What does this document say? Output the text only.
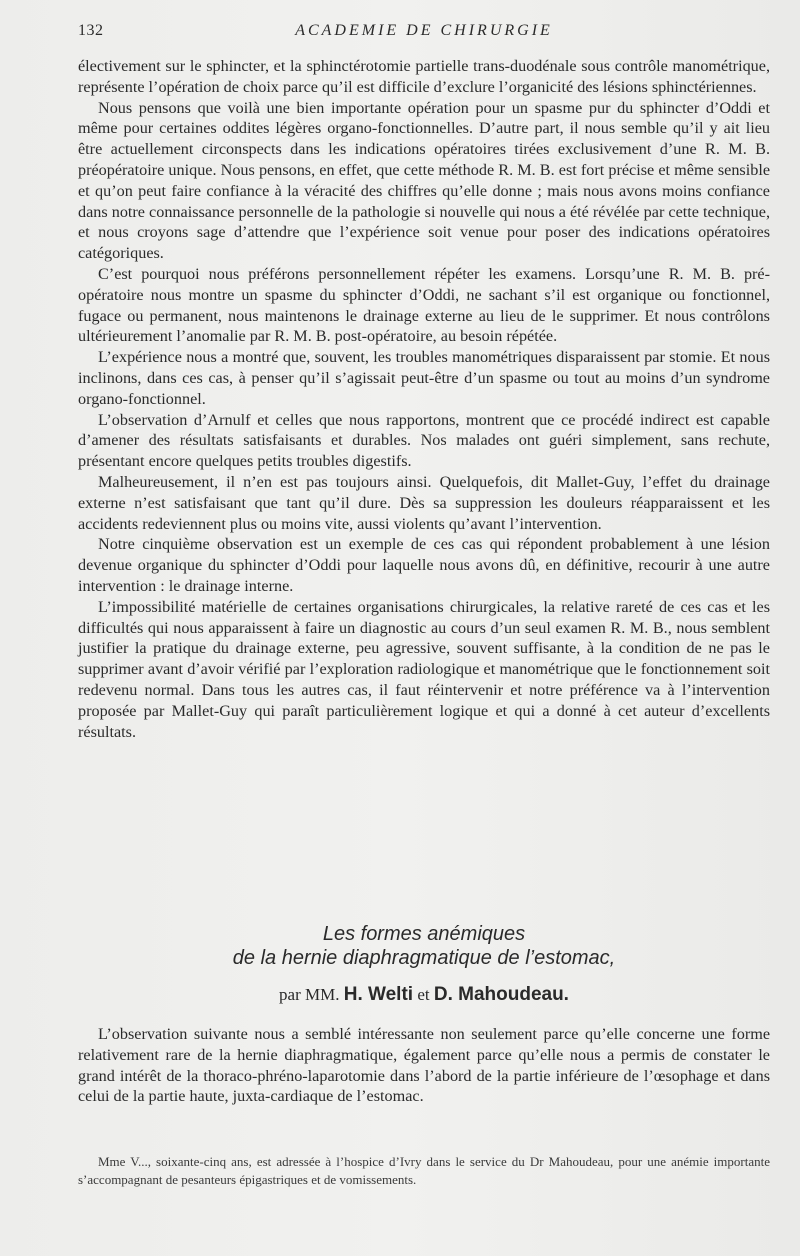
132	ACADEMIE DE CHIRURGIE

électivement sur le sphincter, et la sphinctérotomie partielle trans-duodénale sous contrôle manométrique, représente l’opération de choix parce qu’il est difficile d’exclure l’organicité des lésions sphinctériennes.

Nous pensons que voilà une bien importante opération pour un spasme pur du sphincter d’Oddi et même pour certaines oddites légères organo-fonctionnelles. D’autre part, il nous semble qu’il y ait lieu être actuellement circonspects dans les indications opératoires tirées exclusivement d’une R. M. B. préopératoire unique. Nous pensons, en effet, que cette méthode R. M. B. est fort précise et même sensible et qu’on peut faire confiance à la véracité des chiffres qu’elle donne ; mais nous avons moins confiance dans notre connaissance personnelle de la pathologie si nouvelle qui nous a été révélée par cette technique, et nous croyons sage d’attendre que l’expérience soit venue pour poser des indications opératoires catégoriques.

C’est pourquoi nous préférons personnellement répéter les examens. Lorsqu’une R. M. B. pré-opératoire nous montre un spasme du sphincter d’Oddi, ne sachant s’il est organique ou fonctionnel, fugace ou permanent, nous maintenons le drainage externe au lieu de le supprimer. Et nous contrôlons ultérieurement l’anomalie par R. M. B. post-opératoire, au besoin répétée.

L’expérience nous a montré que, souvent, les troubles manométriques disparaissent par stomie. Et nous inclinons, dans ces cas, à penser qu’il s’agissait peut-être d’un spasme ou tout au moins d’un syndrome organo-fonctionnel.

L’observation d’Arnulf et celles que nous rapportons, montrent que ce procédé indirect est capable d’amener des résultats satisfaisants et durables. Nos malades ont guéri simplement, sans rechute, présentant encore quelques petits troubles digestifs.

Malheureusement, il n’en est pas toujours ainsi. Quelquefois, dit Mallet-Guy, l’effet du drainage externe n’est satisfaisant que tant qu’il dure. Dès sa suppression les douleurs réapparaissent et les accidents redeviennent plus ou moins vite, aussi violents qu’avant l’intervention.

Notre cinquième observation est un exemple de ces cas qui répondent probablement à une lésion devenue organique du sphincter d’Oddi pour laquelle nous avons dû, en définitive, recourir à une autre intervention : le drainage interne.

L’impossibilité matérielle de certaines organisations chirurgicales, la relative rareté de ces cas et les difficultés qui nous apparaissent à faire un diagnostic au cours d’un seul examen R. M. B., nous semblent justifier la pratique du drainage externe, peu agressive, souvent suffisante, à la condition de ne pas le supprimer avant d’avoir vérifié par l’exploration radiologique et manométrique que le fonctionnement soit redevenu normal. Dans tous les autres cas, il faut réintervenir et notre préférence va à l’intervention proposée par Mallet-Guy qui paraît particulièrement logique et qui a donné à cet auteur d’excellents résultats.

Les formes anémiques

de la hernie diaphragmatique de l’estomac,

par MM. H. Welti et D. Mahoudeau.

L’observation suivante nous a semblé intéressante non seulement parce qu’elle concerne une forme relativement rare de la hernie diaphragmatique, également parce qu’elle nous a permis de constater le grand intérêt de la thoraco-phréno-laparotomie dans l’abord de la partie inférieure de l’œsophage et dans celui de la partie haute, juxta-cardiaque de l’estomac.

Mme V..., soixante-cinq ans, est adressée à l’hospice d’Ivry dans le service du Dr Mahoudeau, pour une anémie importante s’accompagnant de pesanteurs épigastriques et de vomissements.
